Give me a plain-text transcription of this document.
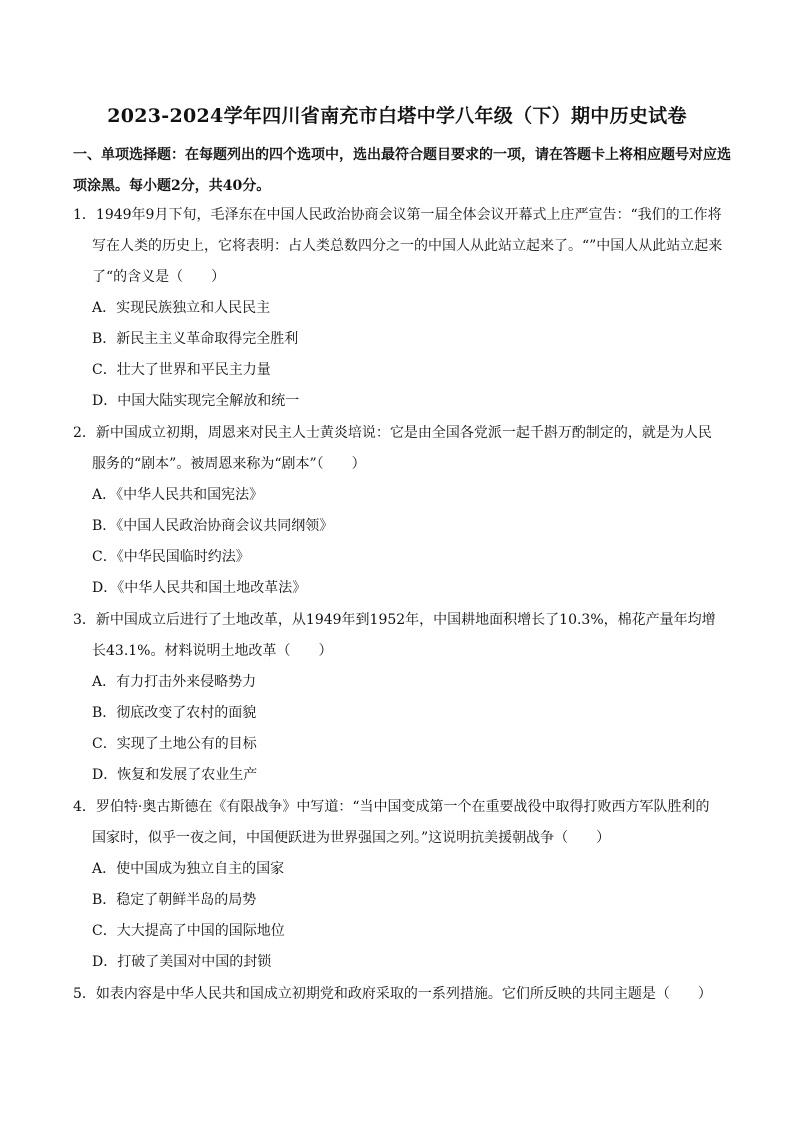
2023-2024学年四川省南充市白塔中学八年级（下）期中历史试卷
一、单项选择题：在每题列出的四个选项中，选出最符合题目要求的一项，请在答题卡上将相应题号对应选项涂黑。每小题2分，共40分。
1．1949年9月下旬，毛泽东在中国人民政治协商会议第一届全体会议开幕式上庄严宣告：“我们的工作将写在人类的历史上，它将表明：占人类总数四分之一的中国人从此站立起来了。“”中国人从此站立起来了“的含义是（　　）
A．实现民族独立和人民民主
B．新民主主义革命取得完全胜利
C．壮大了世界和平民主力量
D．中国大陆实现完全解放和统一
2．新中国成立初期，周恩来对民主人士黄炎培说：它是由全国各党派一起千斟万酌制定的，就是为人民服务的“剧本”。被周恩来称为“剧本”（　　）
A．《中华人民共和国宪法》
B．《中国人民政治协商会议共同纲领》
C．《中华民国临时约法》
D．《中华人民共和国土地改革法》
3．新中国成立后进行了土地改革，从1949年到1952年，中国耕地面积增长了10.3%，棉花产量年均增长43.1%。材料说明土地改革（　　）
A．有力打击外来侵略势力
B．彻底改变了农村的面貌
C．实现了土地公有的目标
D．恢复和发展了农业生产
4．罗伯特·奥古斯德在《有限战争》中写道：“当中国变成第一个在重要战役中取得打败西方军队胜利的国家时，似乎一夜之间，中国便跃进为世界强国之列。”这说明抗美援朝战争（　　）
A．使中国成为独立自主的国家
B．稳定了朝鲜半岛的局势
C．大大提高了中国的国际地位
D．打破了美国对中国的封锁
5．如表内容是中华人民共和国成立初期党和政府采取的一系列措施。它们所反映的共同主题是（　　）
